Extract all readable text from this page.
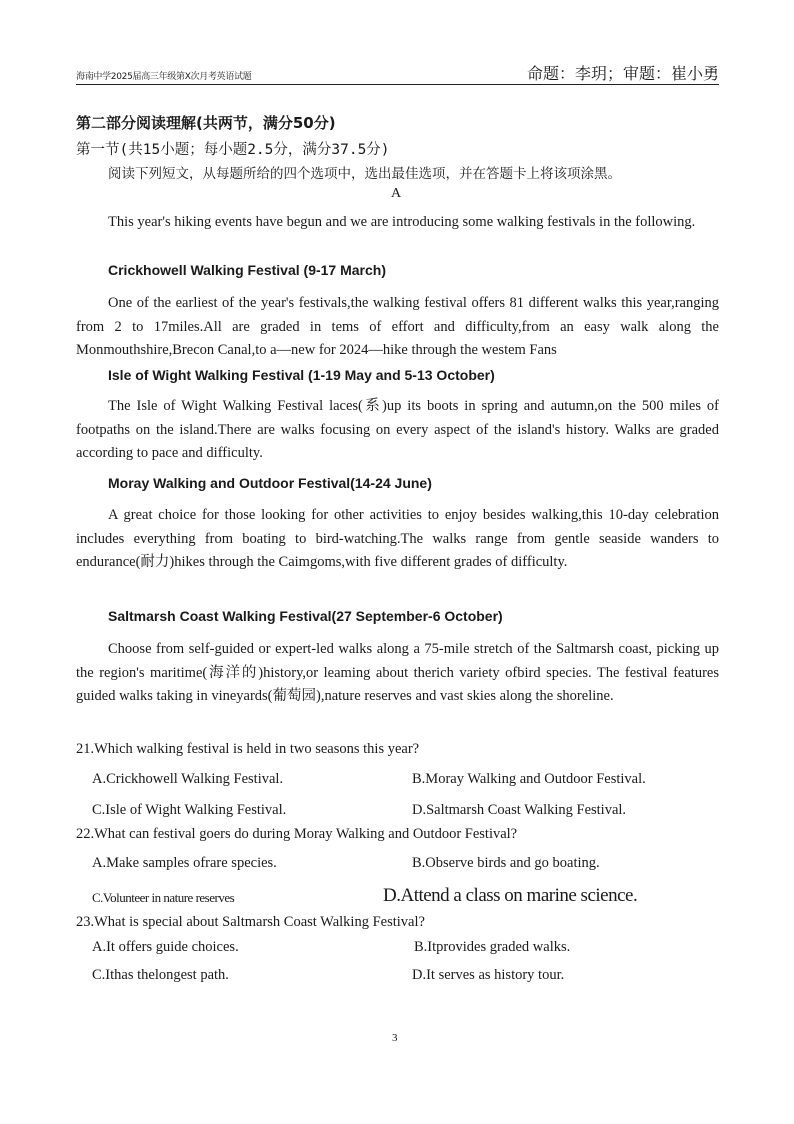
海南中学2025届高三年级第X次月考英语试题	命题：李玥；审题：崔小勇
第二部分阅读理解(共两节，满分50分)
第一节(共15小题；每小题2.5分，满分37.5分)
阅读下列短文，从每题所给的四个选项中，选出最佳选项，并在答题卡上将该项涂黑。
A
This year's hiking events have begun and we are introducing some walking festivals in the following.
Crickhowell Walking Festival (9-17 March)
One of the earliest of the year's festivals,the walking festival offers 81 different walks this year,ranging from 2 to 17miles.All are graded in tems of effort and difficulty,from an easy walk along the Monmouthshire,Brecon Canal,to a—new for 2024—hike through the westem Fans
Isle of Wight Walking Festival (1-19 May and 5-13 October)
The Isle of Wight Walking Festival laces(系)up its boots in spring and autumn,on the 500 miles of footpaths on the island.There are walks focusing on every aspect of the island's history. Walks are graded according to pace and difficulty.
Moray Walking and Outdoor Festival(14-24 June)
A great choice for those looking for other activities to enjoy besides walking,this 10-day celebration includes everything from boating to bird-watching.The walks range from gentle seaside wanders to endurance(耐力)hikes through the Caimgoms,with five different grades of difficulty.
Saltmarsh Coast Walking Festival(27 September-6 October)
Choose from self-guided or expert-led walks along a 75-mile stretch of the Saltmarsh coast, picking up the region's maritime(海洋的)history,or leaming about therich variety ofbird species. The festival features guided walks taking in vineyards(葡萄园),nature reserves and vast skies along the shoreline.
21.Which walking festival is held in two seasons this year?
A.Crickhowell Walking Festival.	B.Moray Walking and Outdoor Festival.
C.Isle of Wight Walking Festival.	D.Saltmarsh Coast Walking Festival.
22.What can festival goers do during Moray Walking and Outdoor Festival?
A.Make samples ofrare species.	B.Observe birds and go boating.
C.Volunteer in nature reserves	D.Attend a class on marine science.
23.What is special about Saltmarsh Coast Walking Festival?
A.It offers guide choices.	B.Itprovides graded walks.
C.Ithas thelongest path.	D.It serves as history tour.
3
